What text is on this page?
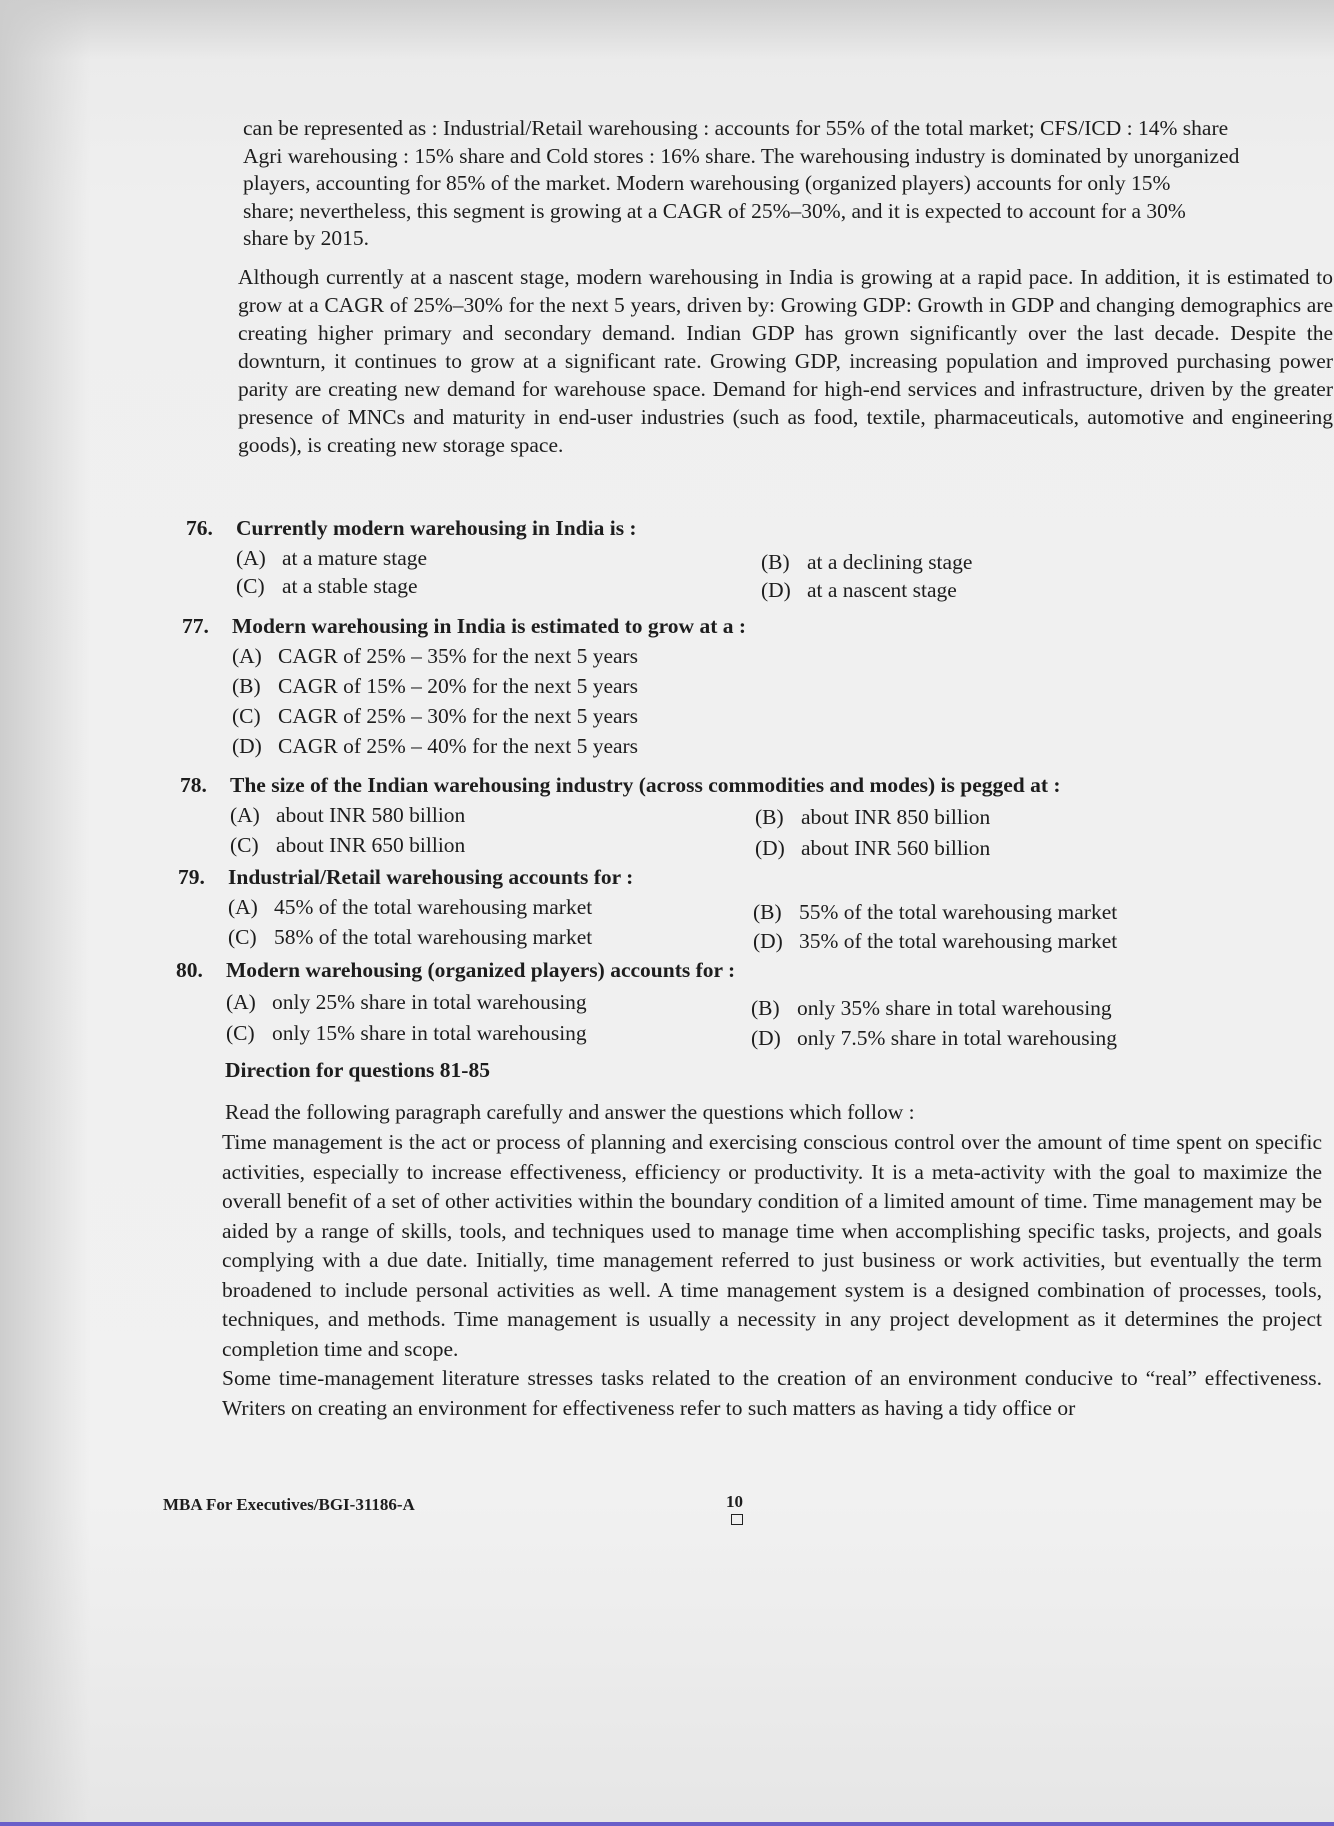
can be represented as : Industrial/Retail warehousing : accounts for 55% of the total market; CFS/ICD : 14% share

Agri warehousing : 15% share and Cold stores : 16% share. The warehousing industry is dominated by unorganized

players, accounting for 85% of the market. Modern warehousing (organized players) accounts for only 15%

share; nevertheless, this segment is growing at a CAGR of 25%–30%, and it is expected to account for a 30%

share by 2015.

Although currently at a nascent stage, modern warehousing in India is growing at a rapid pace. In addition, it is estimated to grow at a CAGR of 25%–30% for the next 5 years, driven by: Growing GDP: Growth in GDP and changing demographics are creating higher primary and secondary demand. Indian GDP has grown significantly over the last decade. Despite the downturn, it continues to grow at a significant rate. Growing GDP, increasing population and improved purchasing power parity are creating new demand for warehouse space. Demand for high-end services and infrastructure, driven by the greater presence of MNCs and maturity in end-user industries (such as food, textile, pharmaceuticals, automotive and engineering goods), is creating new storage space.

76. Currently modern warehousing in India is :
(A) at a mature stage	(B) at a declining stage
(C) at a stable stage	(D) at a nascent stage
77. Modern warehousing in India is estimated to grow at a :
(A) CAGR of 25% – 35% for the next 5 years
(B) CAGR of 15% – 20% for the next 5 years
(C) CAGR of 25% – 30% for the next 5 years
(D) CAGR of 25% – 40% for the next 5 years
78. The size of the Indian warehousing industry (across commodities and modes) is pegged at :
(A) about INR 580 billion	(B) about INR 850 billion
(C) about INR 650 billion	(D) about INR 560 billion
79. Industrial/Retail warehousing accounts for :
(A) 45% of the total warehousing market	(B) 55% of the total warehousing market
(C) 58% of the total warehousing market	(D) 35% of the total warehousing market
80. Modern warehousing (organized players) accounts for :
(A) only 25% share in total warehousing	(B) only 35% share in total warehousing
(C) only 15% share in total warehousing	(D) only 7.5% share in total warehousing
Direction for questions 81-85
Read the following paragraph carefully and answer the questions which follow :

Time management is the act or process of planning and exercising conscious control over the amount of time spent on specific activities, especially to increase effectiveness, efficiency or productivity. It is a meta-activity with the goal to maximize the overall benefit of a set of other activities within the boundary condition of a limited amount of time. Time management may be aided by a range of skills, tools, and techniques used to manage time when accomplishing specific tasks, projects, and goals complying with a due date. Initially, time management referred to just business or work activities, but eventually the term broadened to include personal activities as well. A time management system is a designed combination of processes, tools, techniques, and methods. Time management is usually a necessity in any project development as it determines the project completion time and scope.

Some time-management literature stresses tasks related to the creation of an environment conducive to “real” effectiveness. Writers on creating an environment for effectiveness refer to such matters as having a tidy office or

MBA For Executives/BGI-31186-A	10
